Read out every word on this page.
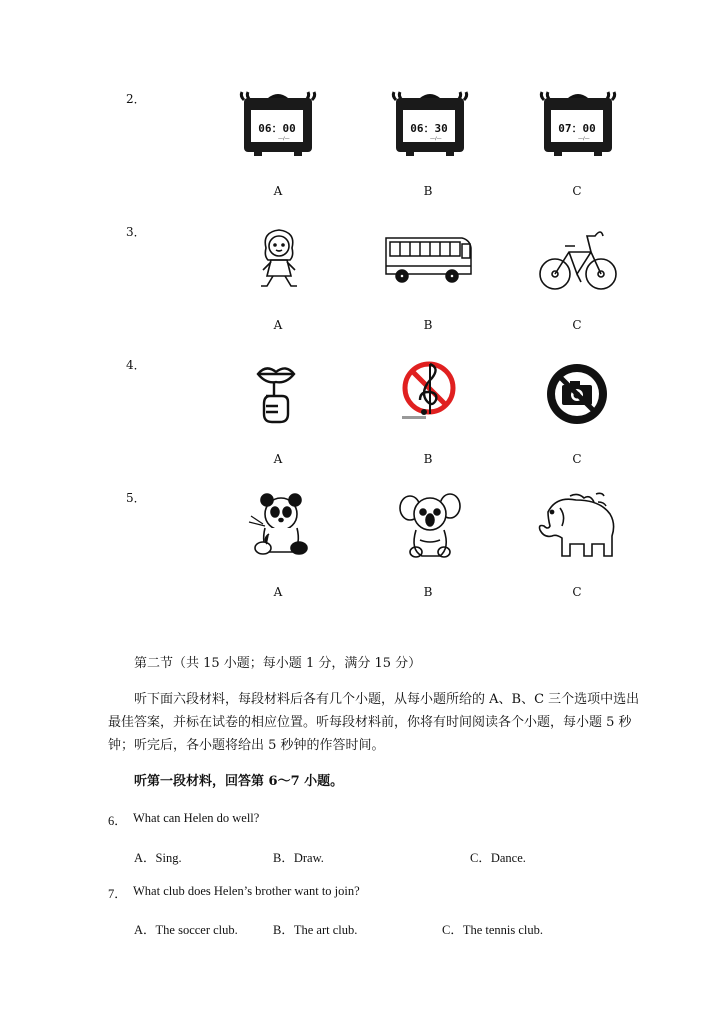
2．
06：00
—/—
06：30
—/—
07：00
—/—
A	B	C
3．
A	B	C
4．
A	B	C
5．
A	B	C
第二节（共 15 小题；每小题 1 分，满分 15 分）
听下面六段材料，每段材料后各有几个小题，从每小题所给的 A、B、C 三个选项中选出最佳答案，并标在试卷的相应位置。听每段材料前，你将有时间阅读各个小题，每小题 5 秒钟；听完后，各小题将给出 5 秒钟的作答时间。
听第一段材料，回答第 6～7 小题。
6． What can Helen do well?
A．Sing.	B．Draw.	C．Dance.
7． What club does Helen’s brother want to join?
A．The soccer club.	B．The art club.	C．The tennis club.
